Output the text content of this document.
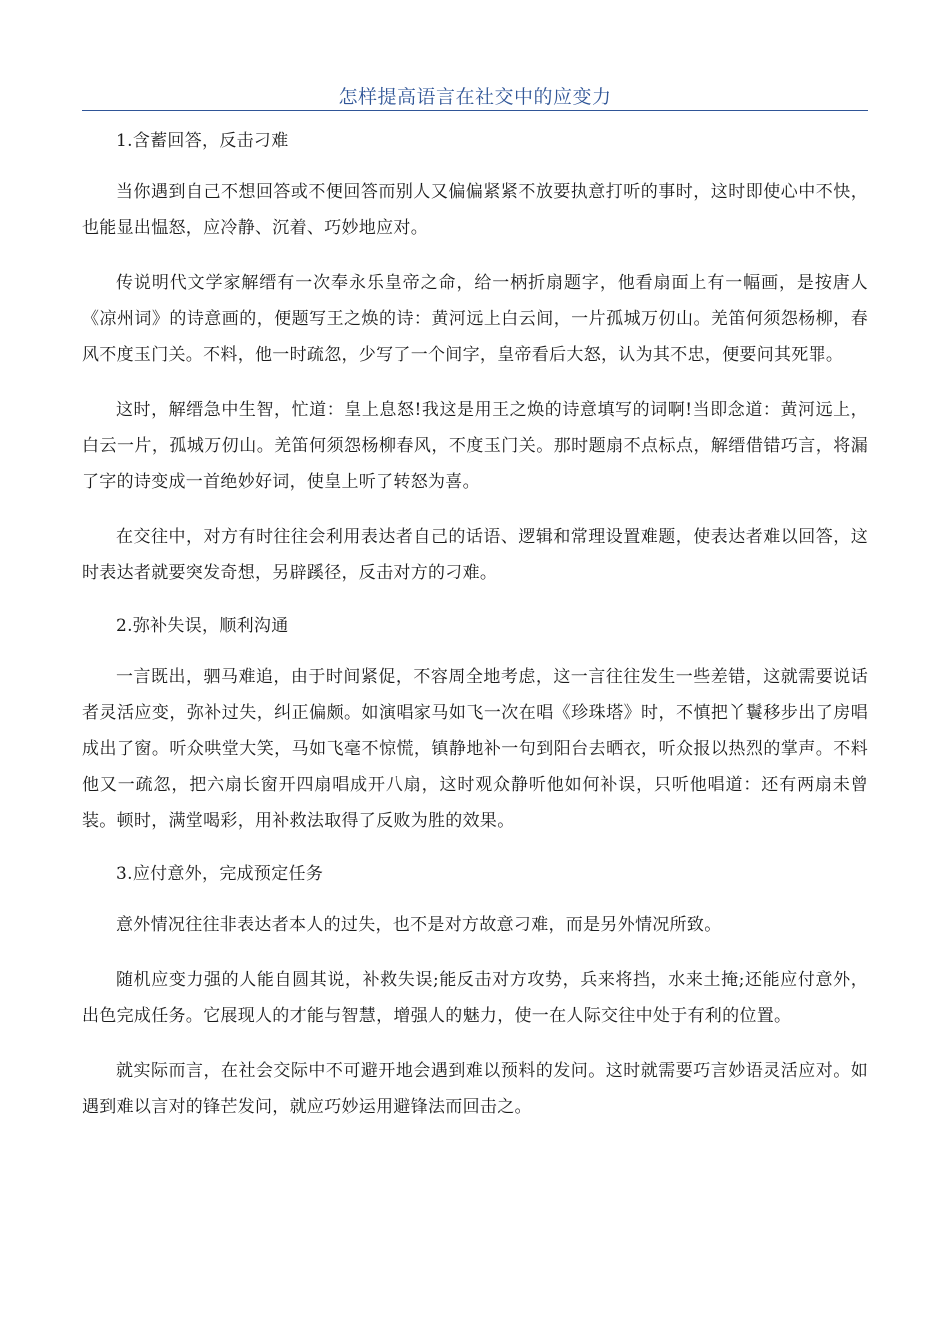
怎样提高语言在社交中的应变力

1.含蓄回答，反击刁难

当你遇到自己不想回答或不便回答而别人又偏偏紧紧不放要执意打听的事时，这时即使心中不快，也能显出愠怒，应冷静、沉着、巧妙地应对。

传说明代文学家解缙有一次奉永乐皇帝之命，给一柄折扇题字，他看扇面上有一幅画，是按唐人《凉州词》的诗意画的，便题写王之焕的诗：黄河远上白云间，一片孤城万仞山。羌笛何须怨杨柳，春风不度玉门关。不料，他一时疏忽，少写了一个间字，皇帝看后大怒，认为其不忠，便要问其死罪。

这时，解缙急中生智，忙道：皇上息怒!我这是用王之焕的诗意填写的词啊!当即念道：黄河远上，白云一片，孤城万仞山。羌笛何须怨杨柳春风，不度玉门关。那时题扇不点标点，解缙借错巧言，将漏了字的诗变成一首绝妙好词，使皇上听了转怒为喜。

在交往中，对方有时往往会利用表达者自己的话语、逻辑和常理设置难题，使表达者难以回答，这时表达者就要突发奇想，另辟蹊径，反击对方的刁难。

2.弥补失误，顺利沟通

一言既出，驷马难追，由于时间紧促，不容周全地考虑，这一言往往发生一些差错，这就需要说话者灵活应变，弥补过失，纠正偏颇。如演唱家马如飞一次在唱《珍珠塔》时，不慎把丫鬟移步出了房唱成出了窗。听众哄堂大笑，马如飞毫不惊慌，镇静地补一句到阳台去晒衣，听众报以热烈的掌声。不料他又一疏忽，把六扇长窗开四扇唱成开八扇，这时观众静听他如何补误，只听他唱道：还有两扇未曾装。顿时，满堂喝彩，用补救法取得了反败为胜的效果。

3.应付意外，完成预定任务

意外情况往往非表达者本人的过失，也不是对方故意刁难，而是另外情况所致。

随机应变力强的人能自圆其说，补救失误;能反击对方攻势，兵来将挡，水来土掩;还能应付意外，出色完成任务。它展现人的才能与智慧，增强人的魅力，使一在人际交往中处于有利的位置。

就实际而言，在社会交际中不可避开地会遇到难以预料的发问。这时就需要巧言妙语灵活应对。如遇到难以言对的锋芒发问，就应巧妙运用避锋法而回击之。
